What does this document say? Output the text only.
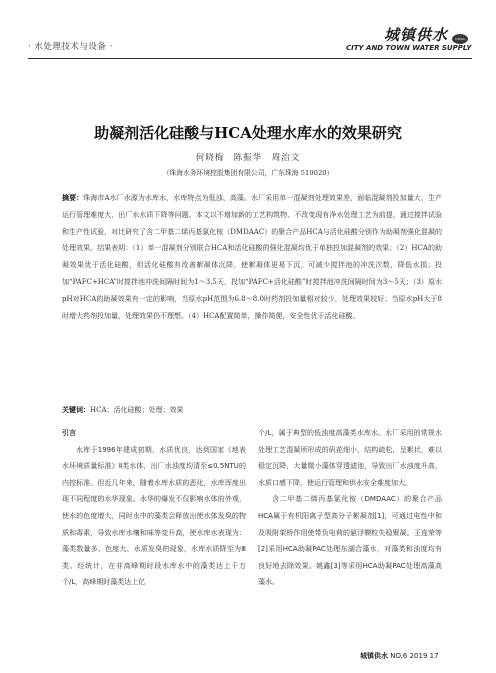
· 水处理技术与设备 ·
城镇供水	CWSA
CITY AND TOWN WATER SUPPLY
助凝剂活化硅酸与HCA处理水库水的效果研究
何晓梅　陈振华　周治文
（珠海水务环境控股集团有限公司，广东珠海 519020）
摘要：珠海市A水厂水源为水库水，水库特点为低浊、高藻。水厂采用单一混凝剂处理效果差，面临混凝剂投加量大、生产运行管理难度大，出厂水水质下降等问题。本文以不增加新的工艺构筑物、不改变现有净水处理工艺为前提，通过搅拌试验和生产性试验，对比研究了含二甲基二烯丙基氯化铵（DMDAAC）的聚合产品HCA与活化硅酸分别作为助凝剂强化混凝的处理效果。结果表明：（1）单一混凝剂分别联合HCA和活化硅酸的强化混凝均优于单独投加混凝剂的效果；（2）HCA的助凝效果优于活化硅酸，但活化硅酸有改善絮凝体沉降，使絮凝体更易下沉，可减少搅拌池的冲洗次数，降低水损；投加“PAFC+HCA”时搅拌池冲洗间隔时间为1～3.5天，投加“PAFC+活化硅酸”时搅拌池冲洗间隔时间为3～5天；（3）原水pH对HCA的助凝效果有一定的影响，当原水pH范围为6.8～8.0时药剂投加量相对较少，处理效果较好；当原水pH大于8时增大药剂投加量，处理效果仍不理想。（4）HCA配置简单，操作简便，安全性优于活化硅酸。
关键词：HCA；活化硅酸；处理；效果

引言

水库于1996年建成初期，水质优良，达到国家《地表水环境质量标准》Ⅱ类水体，出厂水浊度均清至≤0.5NTU的内控标准。但近几年来，随着水库水质的恶化，水库浑度出现不同程度的水华现象。水华的爆发不仅影响水体的外观，使水的色度增大，同时水中的藻类会释放出使水体发臭的物质和毒素，导致水库水壤和味等变升高，使水库水表现为：藻类数量多、色度大、水质发臭的现象，水库水质降至为Ⅲ类。经统计，在非高峰期时段水库水中的藻类达上千万个/L，高峰期时藻类达上亿

个/L，属于典型的低浊度高藻类水库水。水厂采用的常规水处理工艺混凝所形成的矾花细小，结构疏松，呈絮状，难以稳定沉降，大量微小藻体穿透滤池，导致出厂水浊度升高，水质口感下降，使运行管理和供水安全难度加大。

含二甲基二烯丙基氯化铵（DMDAAC）的聚合产品HCA属于有机阳离子型高分子絮凝剂[1]，可通过电性中和及吸附架桥作用使带负电荷的悬浮颗粒失稳聚凝。王连荣等[2]采用HCA助凝PAC处理东湖合藻水，对藻类和浊度均有良好地去除效果。姚鑫[3]等采用HCA助凝PAC处理高藻高藻水。

城镇供水 NO.6 2019 17
